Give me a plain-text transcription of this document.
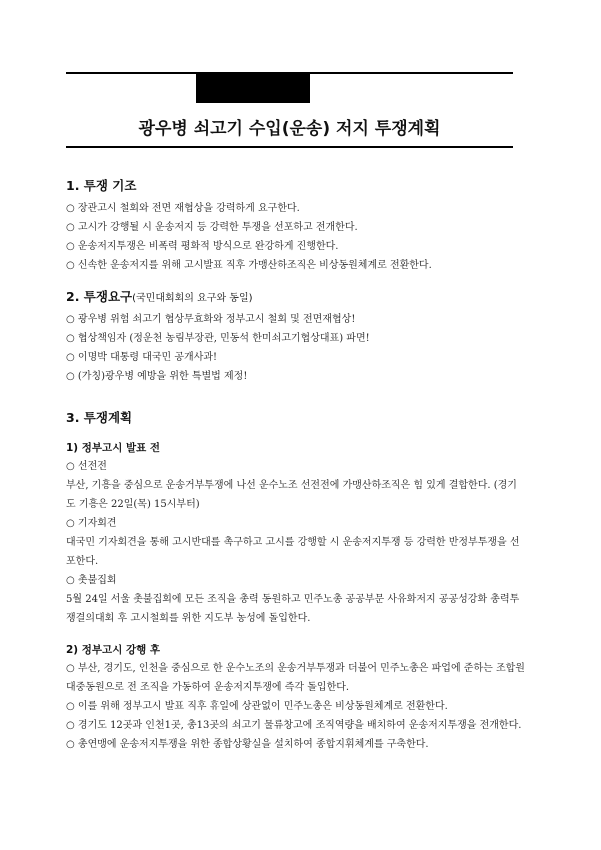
광우병 쇠고기 수입(운송) 저지 투쟁계획
1. 투쟁 기조
○ 장관고시 철회와 전면 재협상을 강력하게 요구한다.
○ 고시가 강행될 시 운송저지 등 강력한 투쟁을 선포하고 전개한다.
○ 운송저지투쟁은 비폭력 평화적 방식으로 완강하게 진행한다.
○ 신속한 운송저지를 위해 고시발표 직후 가맹산하조직은 비상동원체계로 전환한다.
2. 투쟁요구(국민대회회의 요구와 동일)
○ 광우병 위험 쇠고기 협상무효화와 정부고시 철회 및 전면재협상!
○ 협상책임자 (정운천 농림부장관, 민동석 한미쇠고기협상대표) 파면!
○ 이명박 대통령 대국민 공개사과!
○ (가칭)광우병 예방을 위한 특별법 제정!
3. 투쟁계획
1) 정부고시 발표 전
○ 선전전
부산, 기흥을 중심으로 운송거부투쟁에 나선 운수노조 선전전에 가맹산하조직은 힘 있게 결합한다. (경기도 기흥은 22일(목) 15시부터)
○ 기자회견
대국민 기자회견을 통해 고시반대를 촉구하고 고시를 강행할 시 운송저지투쟁 등 강력한 반정부투쟁을 선포한다.
○ 촛불집회
5월 24일 서울 촛불집회에 모든 조직을 총력 동원하고 민주노총 공공부문 사유화저지 공공성강화 총력투쟁결의대회 후 고시철회를 위한 지도부 농성에 돌입한다.
2) 정부고시 강행 후
○ 부산, 경기도, 인천을 중심으로 한 운수노조의 운송거부투쟁과 더불어 민주노총은 파업에 준하는 조합원대중동원으로 전 조직을 가동하여 운송저지투쟁에 즉각 돌입한다.
○ 이를 위해 정부고시 발표 직후 휴일에 상관없이 민주노총은 비상동원체계로 전환한다.
○ 경기도 12곳과 인천1곳, 총13곳의 쇠고기 물류창고에 조직역량을 배치하여 운송저지투쟁을 전개한다.
○ 총연맹에 운송저지투쟁을 위한 종합상황실을 설치하여 종합지휘체계를 구축한다.
